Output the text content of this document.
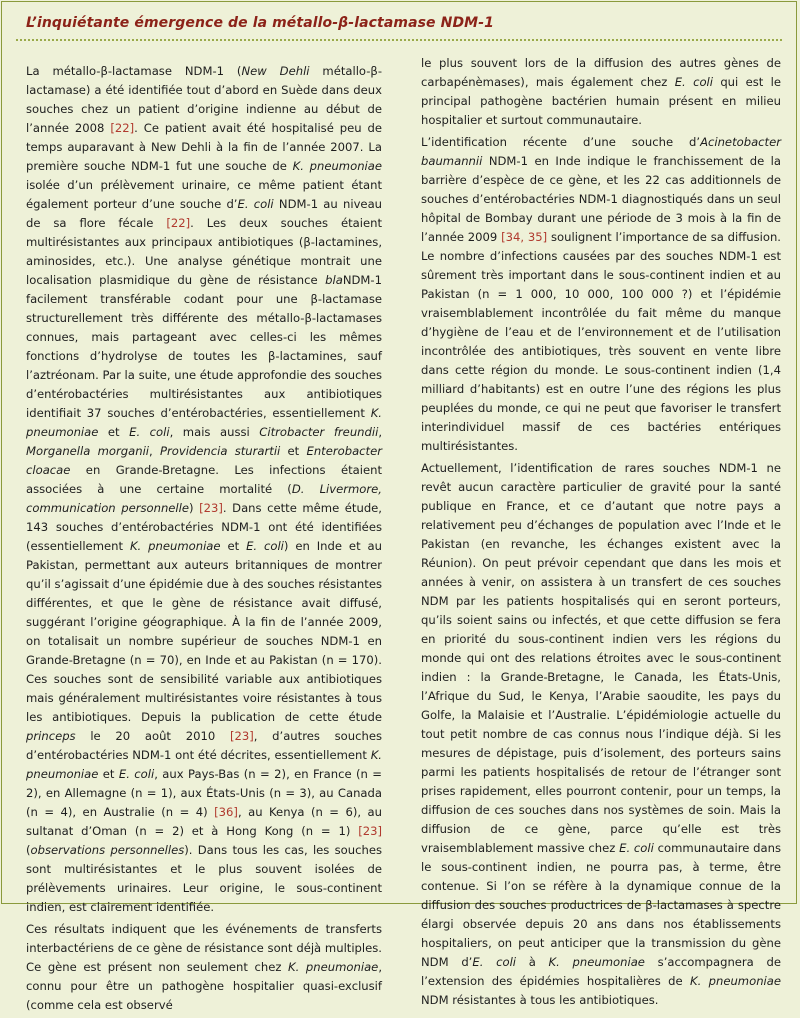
L’inquiétante émergence de la métallo-β-lactamase NDM-1

La métallo-β-lactamase NDM-1 (New Dehli métallo-β-lactamase) a été identifiée tout d’abord en Suède dans deux souches chez un patient d’origine indienne au début de l’année 2008 [22]. Ce patient avait été hospitalisé peu de temps auparavant à New Dehli à la fin de l’année 2007. La première souche NDM-1 fut une souche de K. pneumoniae isolée d’un prélèvement urinaire, ce même patient étant également porteur d’une souche d’E. coli NDM-1 au niveau de sa flore fécale [22]. Les deux souches étaient multirésistantes aux principaux antibiotiques (β-lactamines, aminosides, etc.). Une analyse génétique montrait une localisation plasmidique du gène de résistance blaNDM-1 facilement transférable codant pour une β-lactamase structurellement très différente des métallo-β-lactamases connues, mais partageant avec celles-ci les mêmes fonctions d’hydrolyse de toutes les β-lactamines, sauf l’aztréonam. Par la suite, une étude approfondie des souches d’entérobactéries multirésistantes aux antibiotiques identifiait 37 souches d’entérobactéries, essentiellement K. pneumoniae et E. coli, mais aussi Citrobacter freundii, Morganella morganii, Providencia sturartii et Enterobacter cloacae en Grande-Bretagne. Les infections étaient associées à une certaine mortalité (D. Livermore, communication personnelle) [23]. Dans cette même étude, 143 souches d’entérobactéries NDM-1 ont été identifiées (essentiellement K. pneumoniae et E. coli) en Inde et au Pakistan, permettant aux auteurs britanniques de montrer qu’il s’agissait d’une épidémie due à des souches résistantes différentes, et que le gène de résistance avait diffusé, suggérant l’origine géographique. À la fin de l’année 2009, on totalisait un nombre supérieur de souches NDM-1 en Grande-Bretagne (n = 70), en Inde et au Pakistan (n = 170). Ces souches sont de sensibilité variable aux antibiotiques mais généralement multirésistantes voire résistantes à tous les antibiotiques. Depuis la publication de cette étude princeps le 20 août 2010 [23], d’autres souches d’entérobactéries NDM-1 ont été décrites, essentiellement K. pneumoniae et E. coli, aux Pays-Bas (n = 2), en France (n = 2), en Allemagne (n = 1), aux États-Unis (n = 3), au Canada (n = 4), en Australie (n = 4) [36], au Kenya (n = 6), au sultanat d’Oman (n = 2) et à Hong Kong (n = 1) [23] (observations personnelles). Dans tous les cas, les souches sont multirésistantes et le plus souvent isolées de prélèvements urinaires. Leur origine, le sous-continent indien, est clairement identifiée.

Ces résultats indiquent que les événements de transferts interbactériens de ce gène de résistance sont déjà multiples. Ce gène est présent non seulement chez K. pneumoniae, connu pour être un pathogène hospitalier quasi-exclusif (comme cela est observé

le plus souvent lors de la diffusion des autres gènes de carbapénèmases), mais également chez E. coli qui est le principal pathogène bactérien humain présent en milieu hospitalier et surtout communautaire.

L’identification récente d’une souche d’Acinetobacter baumannii NDM-1 en Inde indique le franchissement de la barrière d’espèce de ce gène, et les 22 cas additionnels de souches d’entérobactéries NDM-1 diagnostiqués dans un seul hôpital de Bombay durant une période de 3 mois à la fin de l’année 2009 [34, 35] soulignent l’importance de sa diffusion. Le nombre d’infections causées par des souches NDM-1 est sûrement très important dans le sous-continent indien et au Pakistan (n = 1 000, 10 000, 100 000 ?) et l’épidémie vraisemblablement incontrôlée du fait même du manque d’hygiène de l’eau et de l’environnement et de l’utilisation incontrôlée des antibiotiques, très souvent en vente libre dans cette région du monde. Le sous-continent indien (1,4 milliard d’habitants) est en outre l’une des régions les plus peuplées du monde, ce qui ne peut que favoriser le transfert interindividuel massif de ces bactéries entériques multirésistantes.

Actuellement, l’identification de rares souches NDM-1 ne revêt aucun caractère particulier de gravité pour la santé publique en France, et ce d’autant que notre pays a relativement peu d’échanges de population avec l’Inde et le Pakistan (en revanche, les échanges existent avec la Réunion). On peut prévoir cependant que dans les mois et années à venir, on assistera à un transfert de ces souches NDM par les patients hospitalisés qui en seront porteurs, qu’ils soient sains ou infectés, et que cette diffusion se fera en priorité du sous-continent indien vers les régions du monde qui ont des relations étroites avec le sous-continent indien : la Grande-Bretagne, le Canada, les États-Unis, l’Afrique du Sud, le Kenya, l’Arabie saoudite, les pays du Golfe, la Malaisie et l’Australie. L’épidémiologie actuelle du tout petit nombre de cas connus nous l’indique déjà. Si les mesures de dépistage, puis d’isolement, des porteurs sains parmi les patients hospitalisés de retour de l’étranger sont prises rapidement, elles pourront contenir, pour un temps, la diffusion de ces souches dans nos systèmes de soin. Mais la diffusion de ce gène, parce qu’elle est très vraisemblablement massive chez E. coli communautaire dans le sous-continent indien, ne pourra pas, à terme, être contenue. Si l’on se réfère à la dynamique connue de la diffusion des souches productrices de β-lactamases à spectre élargi observée depuis 20 ans dans nos établissements hospitaliers, on peut anticiper que la transmission du gène NDM d’E. coli à K. pneumoniae s’accompagnera de l’extension des épidémies hospitalières de K. pneumoniae NDM résistantes à tous les antibiotiques.
